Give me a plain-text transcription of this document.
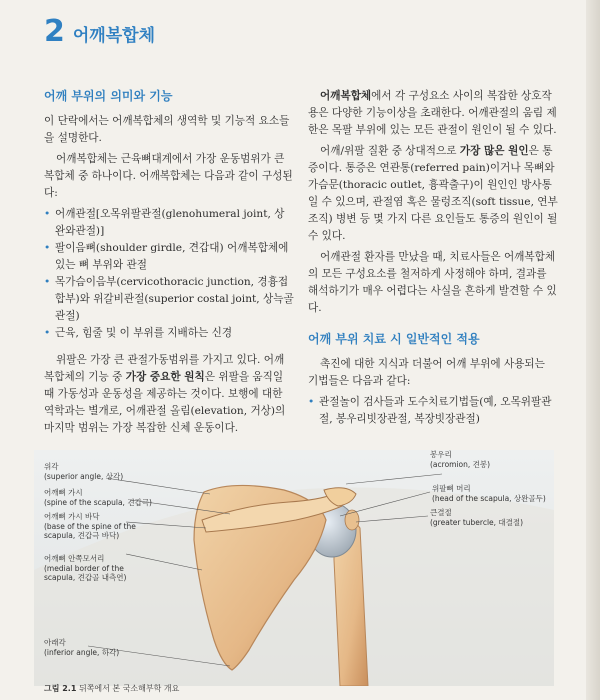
2 어깨복합체
어깨 부위의 의미와 기능

이 단락에서는 어깨복합체의 생역학 및 기능적 요소들을 설명한다.

어깨복합체는 근육뼈대계에서 가장 운동범위가 큰 복합체 중 하나이다. 어깨복합체는 다음과 같이 구성된다:

• 어깨관절[오목위팔관절(glenohumeral joint, 상완와관절)]
• 팔이음뼈(shoulder girdle, 견갑대) 어깨복합체에 있는 뼈 부위와 관절
• 목가슴이음부(cervicothoracic junction, 경흉접합부)와 위갈비관절(superior costal joint, 상늑골관절)
• 근육, 힘줄 및 이 부위를 지배하는 신경

위팔은 가장 큰 관절가동범위를 가지고 있다. 어깨복합체의 기능 중 가장 중요한 원칙은 위팔을 움직일 때 가동성과 운동성을 제공하는 것이다. 보행에 대한 역학과는 별개로, 어깨관절 올림(elevation, 거상)의 마지막 범위는 가장 복잡한 신체 운동이다.

어깨복합체에서 각 구성요소 사이의 복잡한 상호작용은 다양한 기능이상을 초래한다. 어깨관절의 움림 제한은 목팔 부위에 있는 모든 관절이 원인이 될 수 있다.

어깨/위팔 질환 중 상대적으로 가장 많은 원인은 통증이다. 통증은 연관통(referred pain)이거나 목뼈와 가슴문(thoracic outlet, 흉곽출구)이 원인인 방사통일 수 있으며, 관절염 혹은 물렁조직(soft tissue, 연부조직) 병변 등 몇 가지 다른 요인들도 통증의 원인이 될 수 있다.

어깨관절 환자를 만났을 때, 치료사들은 어깨복합체의 모든 구성요소를 철저하게 사정해야 하며, 결과를 해석하기가 매우 어렵다는 사실을 흔하게 발견할 수 있다.

어깨 부위 치료 시 일반적인 적용

촉진에 대한 지식과 더불어 어깨 부위에 사용되는 기법들은 다음과 같다:

• 관절놀이 검사들과 도수치료기법들(예, 오목위팔관절, 봉우리빗장관절, 복장빗장관절)
위각
(superior angle, 상각)
어깨뼈 가시
(spine of the scapula, 견갑극)
어깨뼈 가시 바닥
(base of the spine of the
scapula, 견갑극 바닥)
어깨뼈 안쪽모서리
(medial border of the
scapula, 견갑골 내측연)
아래각
(inferior angle, 하각)
봉우리
(acromion, 견봉)
위팔뼈 머리
(head of the scapula, 상완골두)
큰결절
(greater tubercle, 대결절)
그림 2.1 뒤쪽에서 본 국소해부학 개요
